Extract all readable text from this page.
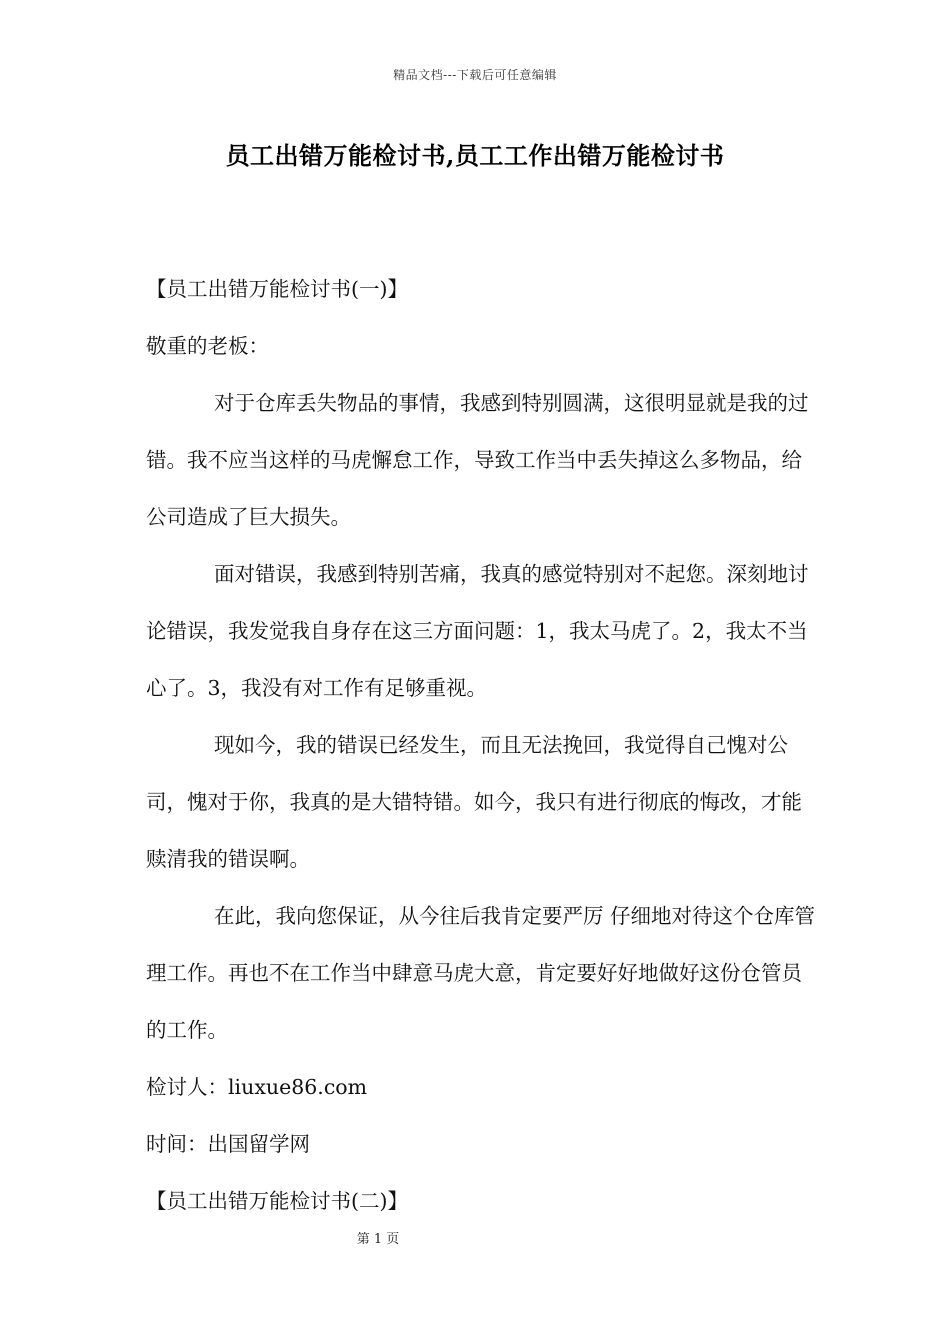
精品文档---下载后可任意编辑
员工出错万能检讨书,员工工作出错万能检讨书

【员工出错万能检讨书(一)】

敬重的老板：

对于仓库丢失物品的事情，我感到特别圆满，这很明显就是我的过错。我不应当这样的马虎懈怠工作，导致工作当中丢失掉这么多物品，给公司造成了巨大损失。

面对错误，我感到特别苦痛，我真的感觉特别对不起您。深刻地讨论错误，我发觉我自身存在这三方面问题：1，我太马虎了。2，我太不当心了。3，我没有对工作有足够重视。

现如今，我的错误已经发生，而且无法挽回，我觉得自己愧对公司，愧对于你，我真的是大错特错。如今，我只有进行彻底的悔改，才能赎清我的错误啊。

在此，我向您保证，从今往后我肯定要严厉 仔细地对待这个仓库管理工作。再也不在工作当中肆意马虎大意，肯定要好好地做好这份仓管员的工作。

检讨人：liuxue86.com

时间：出国留学网

【员工出错万能检讨书(二)】

第 1 页
